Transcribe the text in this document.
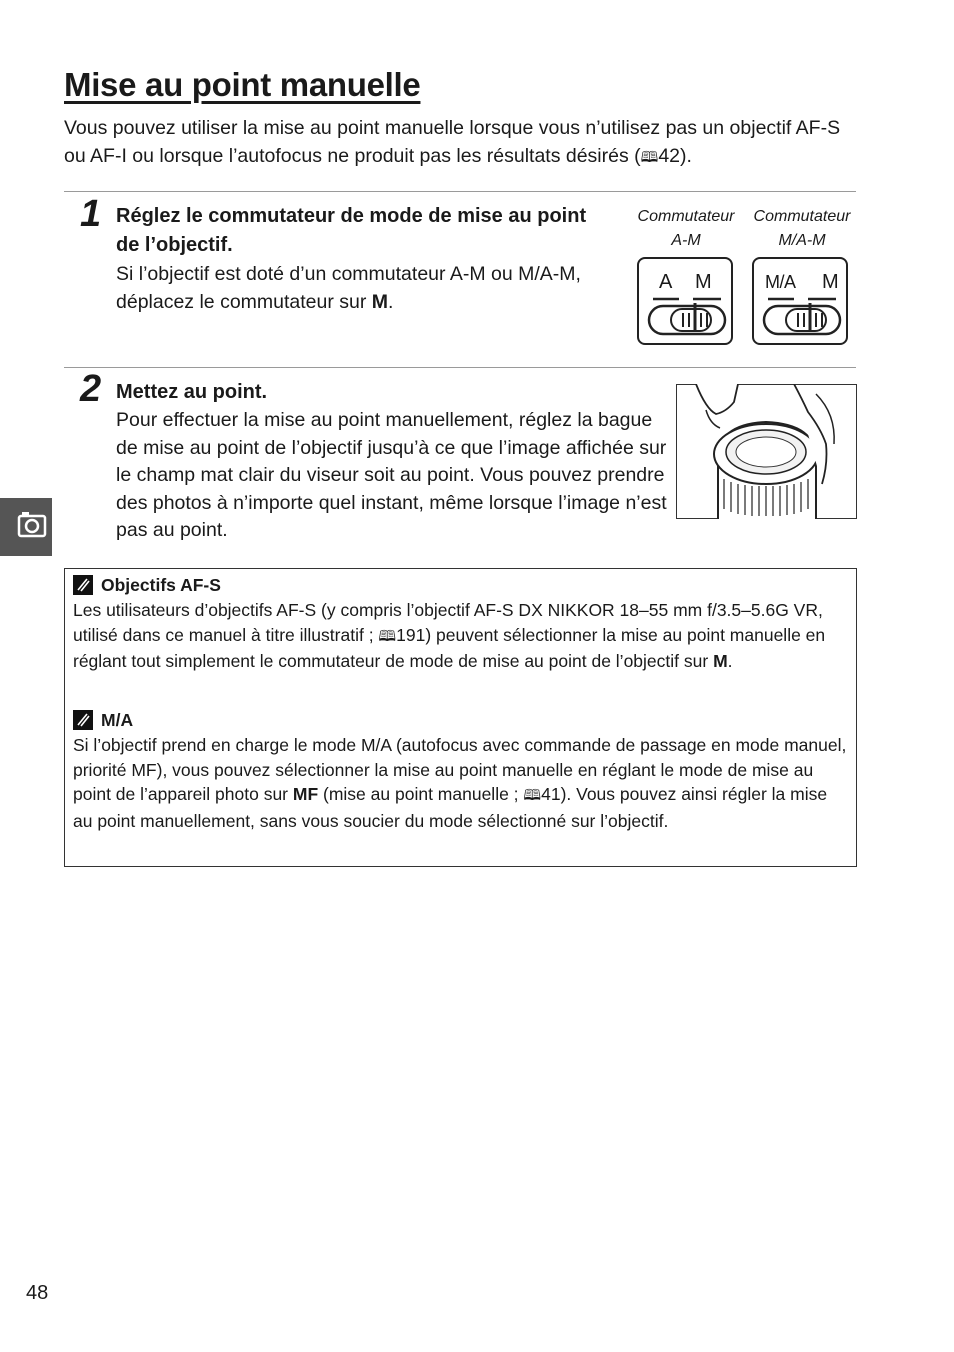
Mise au point manuelle

Vous pouvez utiliser la mise au point manuelle lorsque vous n’utilisez pas un objectif AF-S ou AF-I ou lorsque l’autofocus ne produit pas les résultats désirés (🕮42).

1 Réglez le commutateur de mode de mise au point de l’objectif.

Si l’objectif est doté d’un commutateur A-M ou M/A-M, déplacez le commutateur sur M.

Commutateur
A-M
Commutateur
M/A-M
A M	M/A M
2 Mettez au point.

Pour effectuer la mise au point manuellement, réglez la bague de mise au point de l’objectif jusqu’à ce que l’image affichée sur le champ mat clair du viseur soit au point. Vous pouvez prendre des photos à n’importe quel instant, même lorsque l’image n’est pas au point.

Objectifs AF-S

Les utilisateurs d’objectifs AF-S (y compris l’objectif AF-S DX NIKKOR 18–55 mm f/3.5–5.6G VR, utilisé dans ce manuel à titre illustratif ; 🕮191) peuvent sélectionner la mise au point manuelle en réglant tout simplement le commutateur de mode de mise au point de l’objectif sur M.

M/A

Si l’objectif prend en charge le mode M/A (autofocus avec commande de passage en mode manuel, priorité MF), vous pouvez sélectionner la mise au point manuelle en réglant le mode de mise au point de l’appareil photo sur MF (mise au point manuelle ; 🕮41). Vous pouvez ainsi régler la mise au point manuellement, sans vous soucier du mode sélectionné sur l’objectif.

48
